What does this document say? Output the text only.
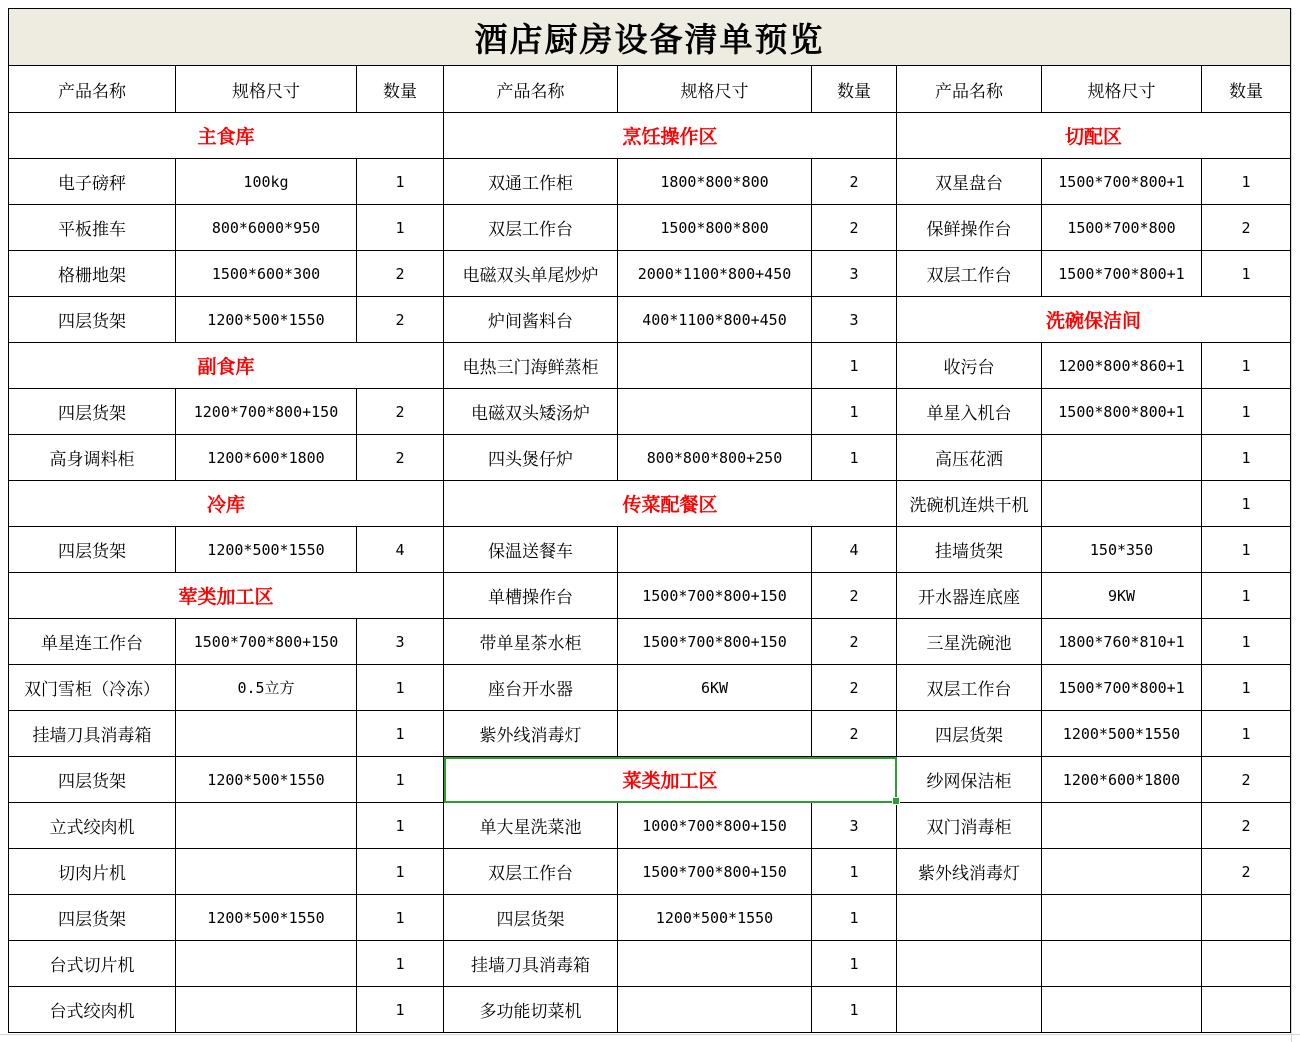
酒店厨房设备清单预览								
产品名称	规格尺寸	数量	产品名称	规格尺寸	数量	产品名称	规格尺寸	数量
主食库			烹饪操作区			切配区		
电子磅秤	100kg	1	双通工作柜	1800*800*800	2	双星盘台	1500*700*800+1	1
平板推车	800*6000*950	1	双层工作台	1500*800*800	2	保鲜操作台	1500*700*800	2
格栅地架	1500*600*300	2	电磁双头单尾炒炉	2000*1100*800+450	3	双层工作台	1500*700*800+1	1
四层货架	1200*500*1550	2	炉间酱料台	400*1100*800+450	3	洗碗保洁间		
副食库			电热三门海鲜蒸柜		1	收污台	1200*800*860+1	1
四层货架	1200*700*800+150	2	电磁双头矮汤炉		1	单星入机台	1500*800*800+1	1
高身调料柜	1200*600*1800	2	四头煲仔炉	800*800*800+250	1	高压花洒		1
冷库			传菜配餐区			洗碗机连烘干机		1
四层货架	1200*500*1550	4	保温送餐车		4	挂墙货架	150*350	1
荤类加工区			单槽操作台	1500*700*800+150	2	开水器连底座	9KW	1
单星连工作台	1500*700*800+150	3	带单星茶水柜	1500*700*800+150	2	三星洗碗池	1800*760*810+1	1
双门雪柜（冷冻）	0.5立方	1	座台开水器	6KW	2	双层工作台	1500*700*800+1	1
挂墙刀具消毒箱		1	紫外线消毒灯		2	四层货架	1200*500*1550	1
四层货架	1200*500*1550	1	菜类加工区			纱网保洁柜	1200*600*1800	2
立式绞肉机		1	单大星洗菜池	1000*700*800+150	3	双门消毒柜		2
切肉片机		1	双层工作台	1500*700*800+150	1	紫外线消毒灯		2
四层货架	1200*500*1550	1	四层货架	1200*500*1550	1			
台式切片机		1	挂墙刀具消毒箱		1			
台式绞肉机		1	多功能切菜机		1			
